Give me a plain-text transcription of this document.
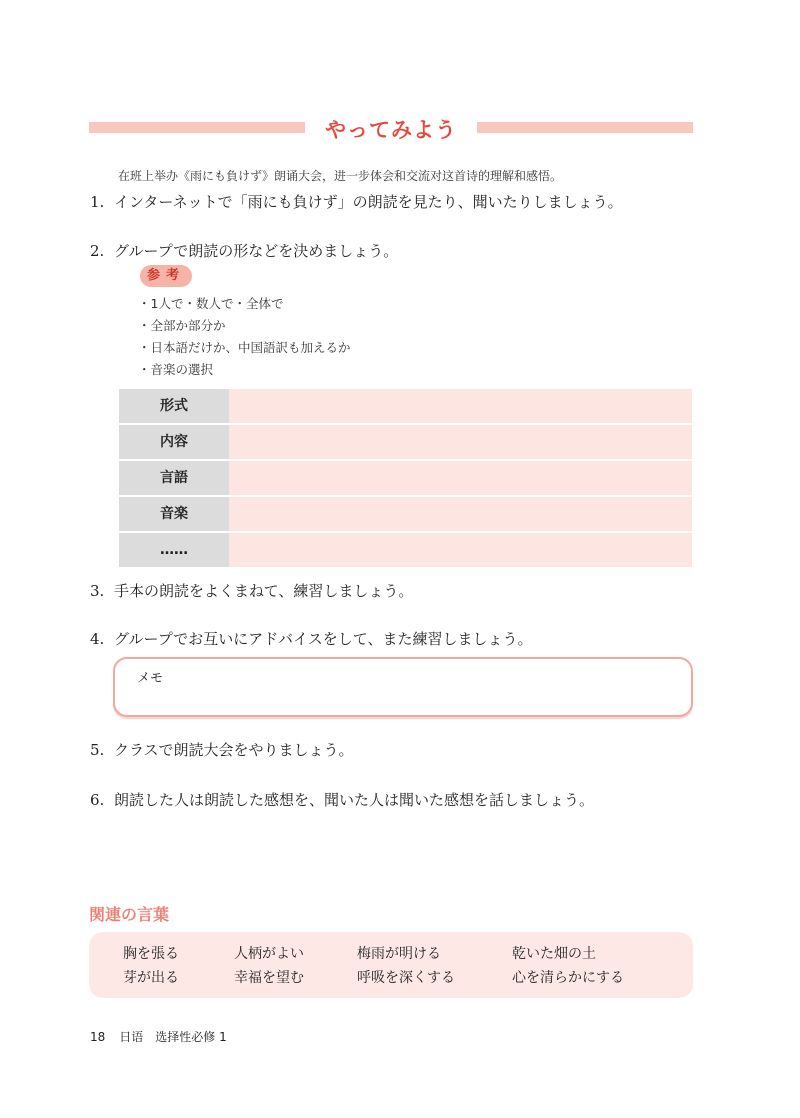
やってみよう
在班上举办《雨にも負けず》朗诵大会，进一步体会和交流对这首诗的理解和感悟。
1. インターネットで「雨にも負けず」の朗読を見たり、聞いたりしましょう。
2. グループで朗読の形などを決めましょう。
参考
・1人で・数人で・全体で
・全部か部分か
・日本語だけか、中国語訳も加えるか
・音楽の選択
形式
内容
言語
音楽
……
3. 手本の朗読をよくまねて、練習しましょう。
4. グループでお互いにアドバイスをして、また練習しましょう。
メモ
5. クラスで朗読大会をやりましょう。
6. 朗読した人は朗読した感想を、聞いた人は聞いた感想を話しましょう。
関連の言葉
胸を張る	人柄がよい	梅雨が明ける	乾いた畑の土
芽が出る	幸福を望む	呼吸を深くする	心を清らかにする
18 日语　选择性必修 1
